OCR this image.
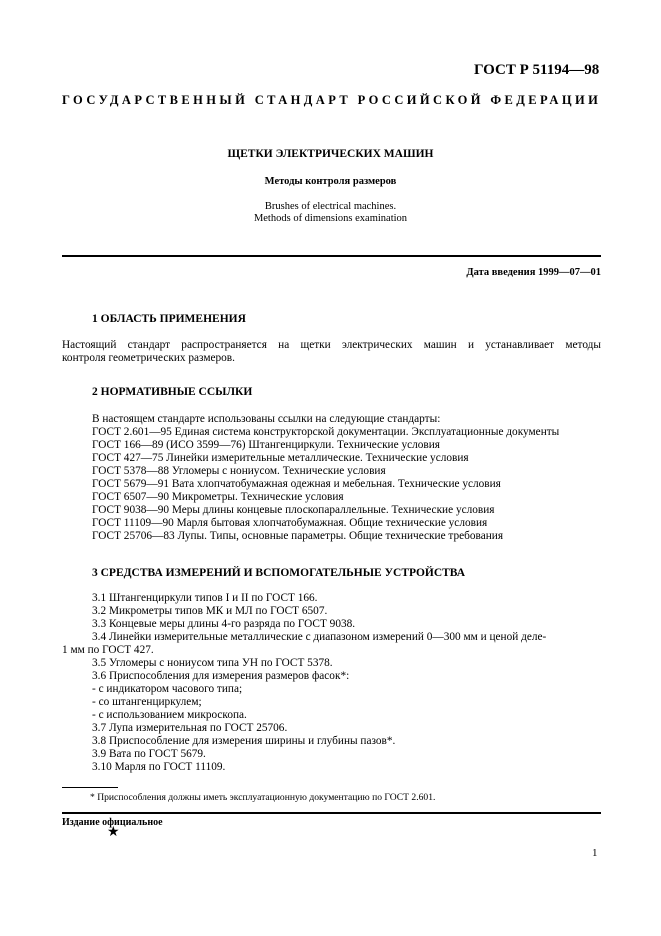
ГОСТ Р 51194—98
ГОСУДАРСТВЕННЫЙ СТАНДАРТ РОССИЙСКОЙ ФЕДЕРАЦИИ
ЩЕТКИ ЭЛЕКТРИЧЕСКИХ МАШИН
Методы контроля размеров
Brushes of electrical machines.
Methods of dimensions examination
Дата введения 1999—07—01
1 ОБЛАСТЬ ПРИМЕНЕНИЯ
Настоящий стандарт распространяется на щетки электрических машин и устанавливает методы
контроля геометрических размеров.
2 НОРМАТИВНЫЕ ССЫЛКИ
В настоящем стандарте использованы ссылки на следующие стандарты:
ГОСТ 2.601—95 Единая система конструкторской документации. Эксплуатационные документы
ГОСТ 166—89 (ИСО 3599—76) Штангенциркули. Технические условия
ГОСТ 427—75 Линейки измерительные металлические. Технические условия
ГОСТ 5378—88 Угломеры с нониусом. Технические условия
ГОСТ 5679—91 Вата хлопчатобумажная одежная и мебельная. Технические условия
ГОСТ 6507—90 Микрометры. Технические условия
ГОСТ 9038—90 Меры длины концевые плоскопараллельные. Технические условия
ГОСТ 11109—90 Марля бытовая хлопчатобумажная. Общие технические условия
ГОСТ 25706—83 Лупы. Типы, основные параметры. Общие технические требования
3 СРЕДСТВА ИЗМЕРЕНИЙ И ВСПОМОГАТЕЛЬНЫЕ УСТРОЙСТВА
3.1 Штангенциркули типов I и II по ГОСТ 166.
3.2 Микрометры типов МК и МЛ по ГОСТ 6507.
3.3 Концевые меры длины 4-го разряда по ГОСТ 9038.
3.4 Линейки измерительные металлические с диапазоном измерений 0—300 мм и ценой деле-
1 мм по ГОСТ 427.
3.5 Угломеры с нониусом типа УН по ГОСТ 5378.
3.6 Приспособления для измерения размеров фасок*:
- с индикатором часового типа;
- со штангенциркулем;
- с использованием микроскопа.
3.7 Лупа измерительная по ГОСТ 25706.
3.8 Приспособление для измерения ширины и глубины пазов*.
3.9 Вата по ГОСТ 5679.
3.10 Марля по ГОСТ 11109.
* Приспособления должны иметь эксплуатационную документацию по ГОСТ 2.601.
Издание официальное
★
1
